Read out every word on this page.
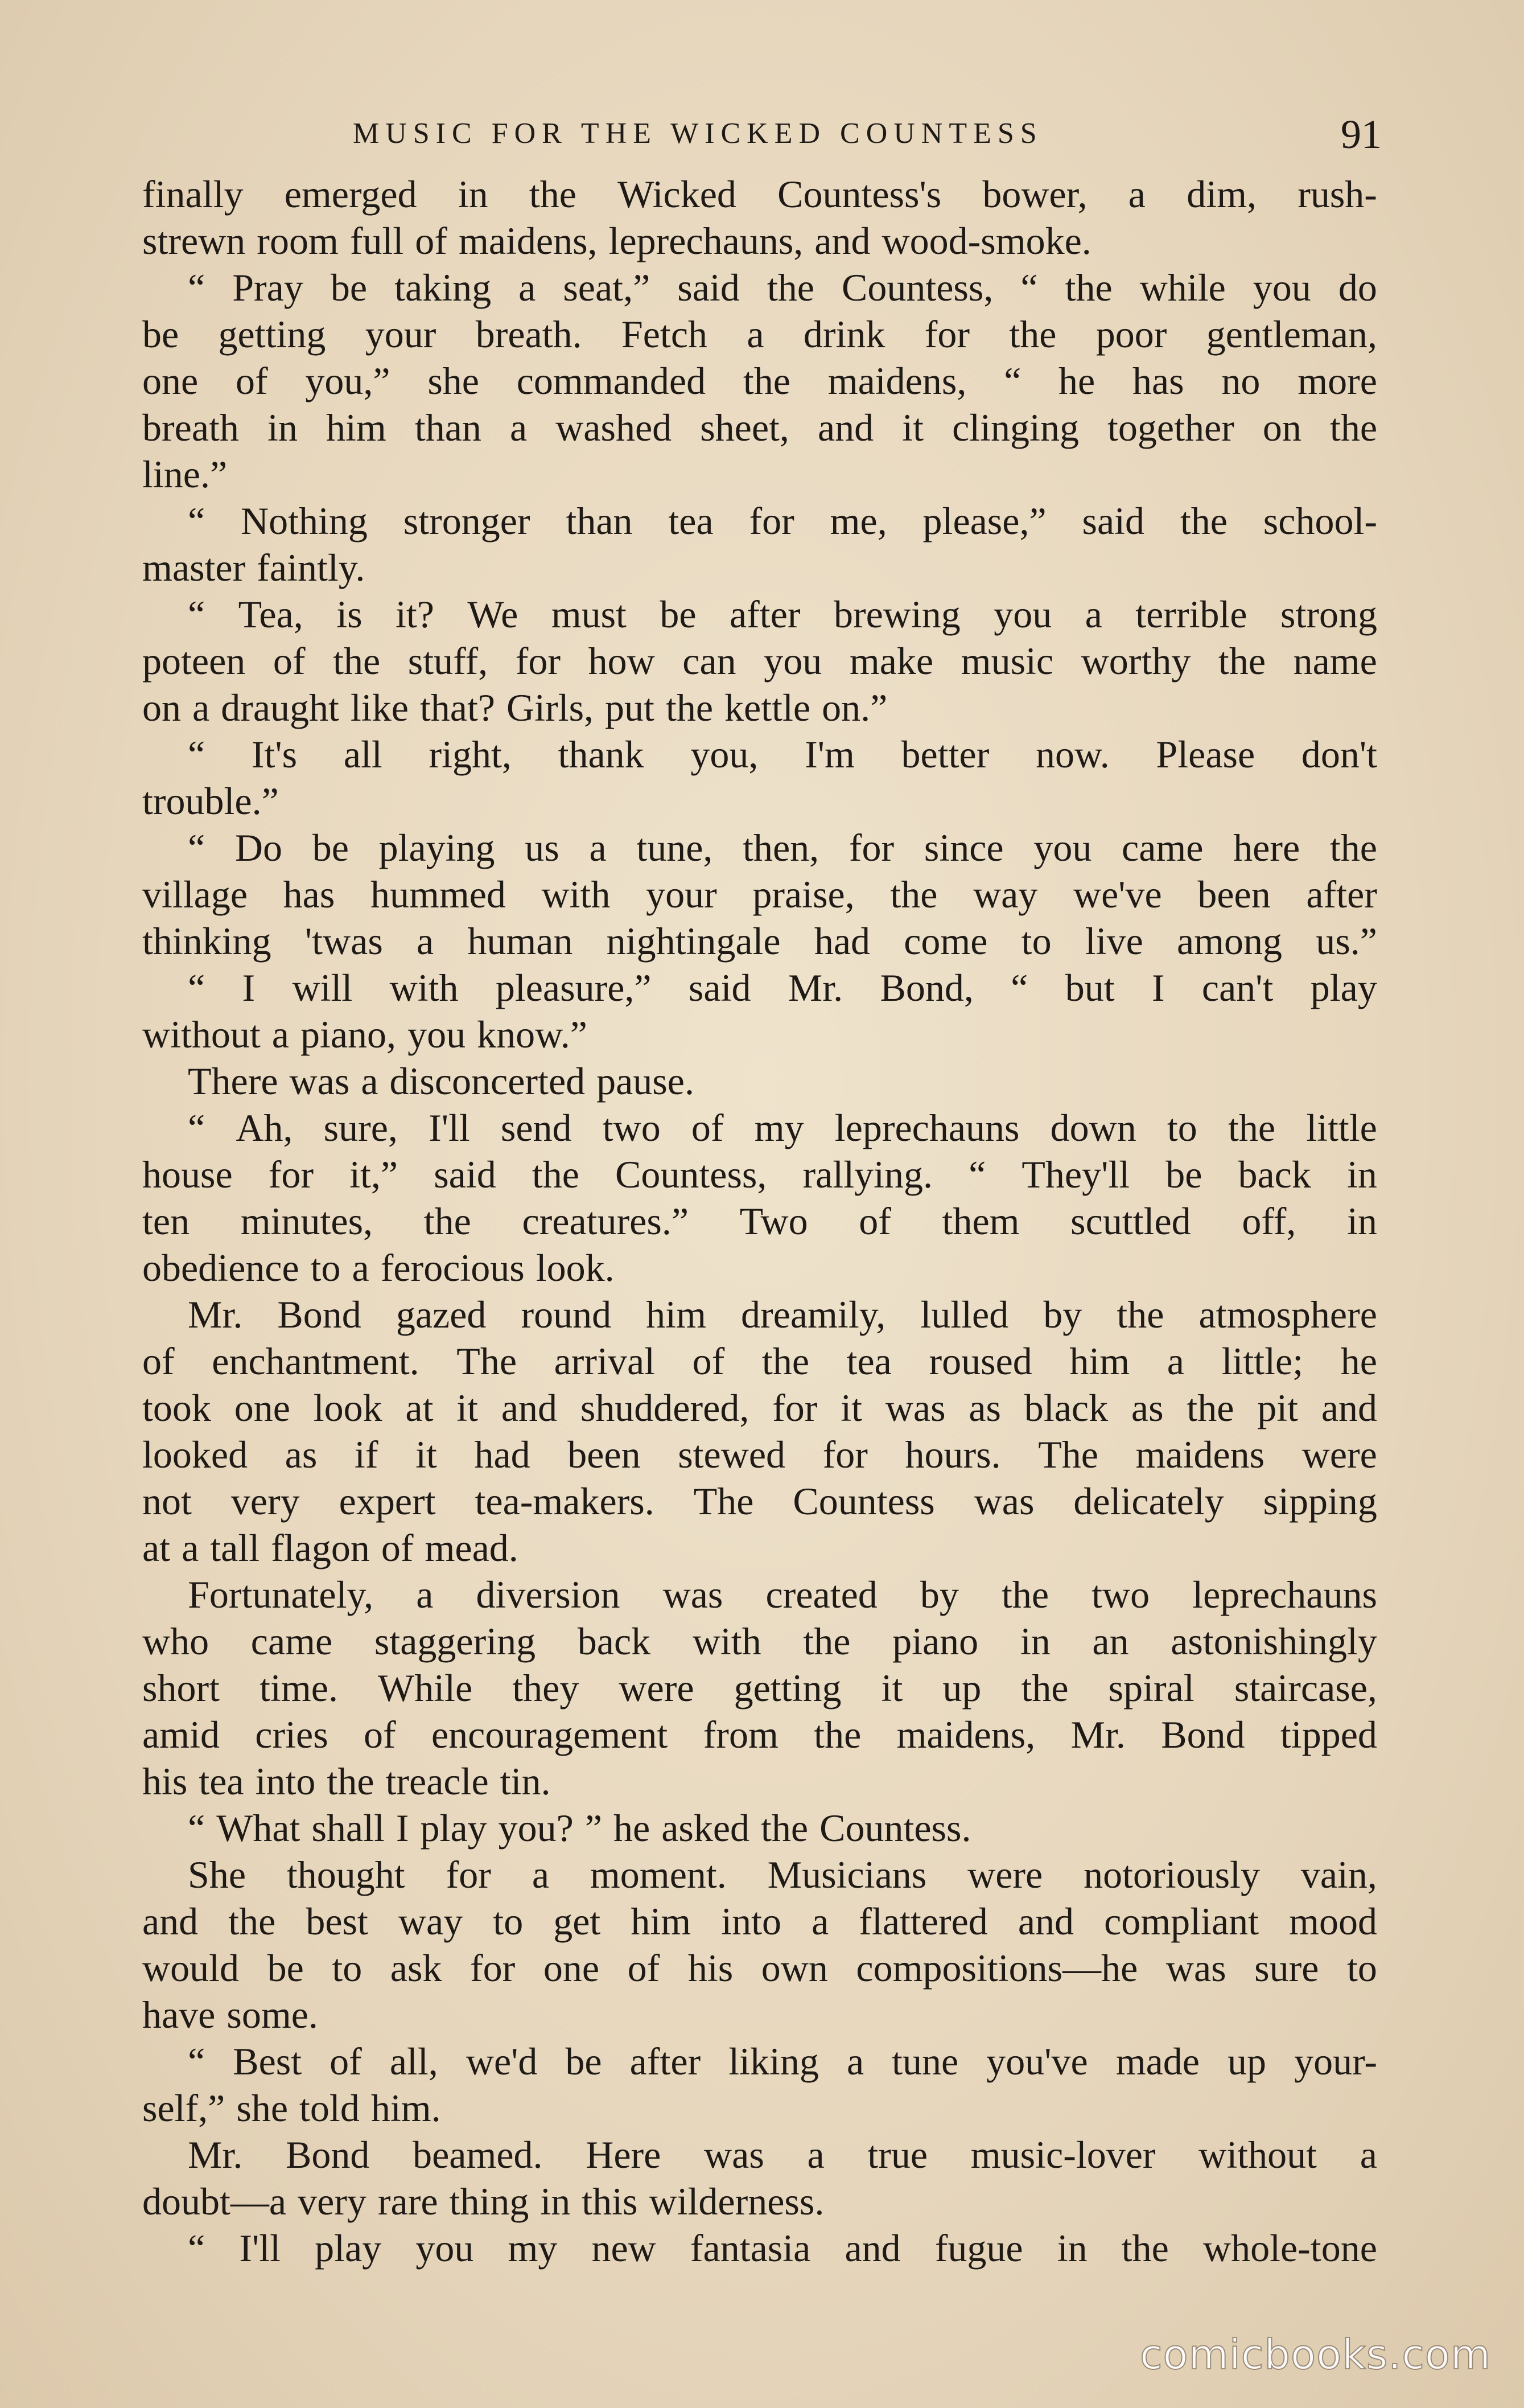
MUSIC FOR THE WICKED COUNTESS	91
finally emerged in the Wicked Countess's bower, a dim, rush-
strewn room full of maidens, leprechauns, and wood-smoke.
“ Pray be taking a seat,” said the Countess, “ the while you do
be getting your breath. Fetch a drink for the poor gentleman,
one of you,” she commanded the maidens, “ he has no more
breath in him than a washed sheet, and it clinging together on the
line.”
“ Nothing stronger than tea for me, please,” said the school-
master faintly.
“ Tea, is it? We must be after brewing you a terrible strong
poteen of the stuff, for how can you make music worthy the name
on a draught like that? Girls, put the kettle on.”
“ It's all right, thank you, I'm better now. Please don't
trouble.”
“ Do be playing us a tune, then, for since you came here the
village has hummed with your praise, the way we've been after
thinking 'twas a human nightingale had come to live among us.”
“ I will with pleasure,” said Mr. Bond, “ but I can't play
without a piano, you know.”
There was a disconcerted pause.
“ Ah, sure, I'll send two of my leprechauns down to the little
house for it,” said the Countess, rallying. “ They'll be back in
ten minutes, the creatures.” Two of them scuttled off, in
obedience to a ferocious look.
Mr. Bond gazed round him dreamily, lulled by the atmosphere
of enchantment. The arrival of the tea roused him a little; he
took one look at it and shuddered, for it was as black as the pit and
looked as if it had been stewed for hours. The maidens were
not very expert tea-makers. The Countess was delicately sipping
at a tall flagon of mead.
Fortunately, a diversion was created by the two leprechauns
who came staggering back with the piano in an astonishingly
short time. While they were getting it up the spiral staircase,
amid cries of encouragement from the maidens, Mr. Bond tipped
his tea into the treacle tin.
“ What shall I play you? ” he asked the Countess.
She thought for a moment. Musicians were notoriously vain,
and the best way to get him into a flattered and compliant mood
would be to ask for one of his own compositions—he was sure to
have some.
“ Best of all, we'd be after liking a tune you've made up your-
self,” she told him.
Mr. Bond beamed. Here was a true music-lover without a
doubt—a very rare thing in this wilderness.
“ I'll play you my new fantasia and fugue in the whole-tone
comicbooks.com
